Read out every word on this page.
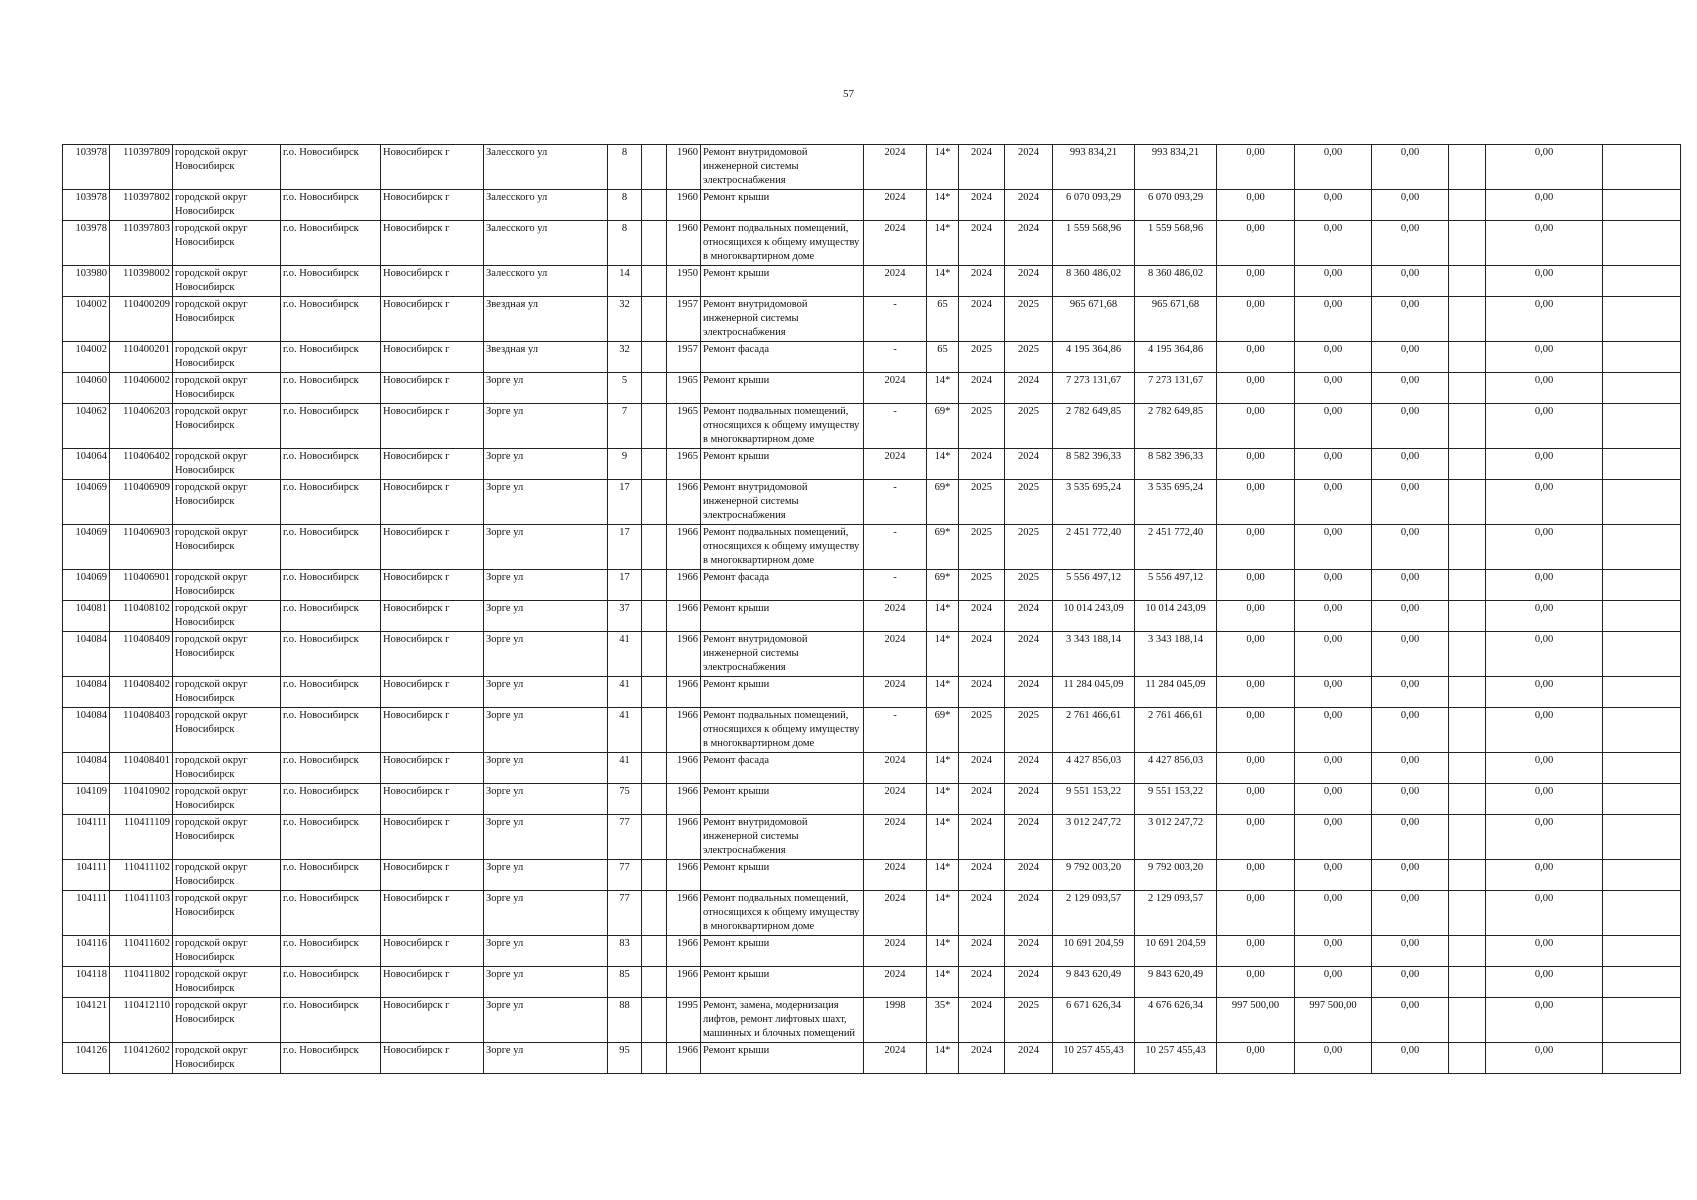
57
103978	110397809	городской округ Новосибирск	г.о. Новосибирск	Новосибирск г	Залесского ул	8		1960	Ремонт внутридомовой инженерной системы электроснабжения	2024	14*	2024	2024	993 834,21	993 834,21	0,00	0,00	0,00		0,00	
103978	110397802	городской округ Новосибирск	г.о. Новосибирск	Новосибирск г	Залесского ул	8		1960	Ремонт крыши	2024	14*	2024	2024	6 070 093,29	6 070 093,29	0,00	0,00	0,00		0,00	
103978	110397803	городской округ Новосибирск	г.о. Новосибирск	Новосибирск г	Залесского ул	8		1960	Ремонт подвальных помещений, относящихся к общему имуществу в многоквартирном доме	2024	14*	2024	2024	1 559 568,96	1 559 568,96	0,00	0,00	0,00		0,00	
103980	110398002	городской округ Новосибирск	г.о. Новосибирск	Новосибирск г	Залесского ул	14		1950	Ремонт крыши	2024	14*	2024	2024	8 360 486,02	8 360 486,02	0,00	0,00	0,00		0,00	
104002	110400209	городской округ Новосибирск	г.о. Новосибирск	Новосибирск г	Звездная ул	32		1957	Ремонт внутридомовой инженерной системы электроснабжения	-	65	2024	2025	965 671,68	965 671,68	0,00	0,00	0,00		0,00	
104002	110400201	городской округ Новосибирск	г.о. Новосибирск	Новосибирск г	Звездная ул	32		1957	Ремонт фасада	-	65	2025	2025	4 195 364,86	4 195 364,86	0,00	0,00	0,00		0,00	
104060	110406002	городской округ Новосибирск	г.о. Новосибирск	Новосибирск г	Зорге ул	5		1965	Ремонт крыши	2024	14*	2024	2024	7 273 131,67	7 273 131,67	0,00	0,00	0,00		0,00	
104062	110406203	городской округ Новосибирск	г.о. Новосибирск	Новосибирск г	Зорге ул	7		1965	Ремонт подвальных помещений, относящихся к общему имуществу в многоквартирном доме	-	69*	2025	2025	2 782 649,85	2 782 649,85	0,00	0,00	0,00		0,00	
104064	110406402	городской округ Новосибирск	г.о. Новосибирск	Новосибирск г	Зорге ул	9		1965	Ремонт крыши	2024	14*	2024	2024	8 582 396,33	8 582 396,33	0,00	0,00	0,00		0,00	
104069	110406909	городской округ Новосибирск	г.о. Новосибирск	Новосибирск г	Зорге ул	17		1966	Ремонт внутридомовой инженерной системы электроснабжения	-	69*	2025	2025	3 535 695,24	3 535 695,24	0,00	0,00	0,00		0,00	
104069	110406903	городской округ Новосибирск	г.о. Новосибирск	Новосибирск г	Зорге ул	17		1966	Ремонт подвальных помещений, относящихся к общему имуществу в многоквартирном доме	-	69*	2025	2025	2 451 772,40	2 451 772,40	0,00	0,00	0,00		0,00	
104069	110406901	городской округ Новосибирск	г.о. Новосибирск	Новосибирск г	Зорге ул	17		1966	Ремонт фасада	-	69*	2025	2025	5 556 497,12	5 556 497,12	0,00	0,00	0,00		0,00	
104081	110408102	городской округ Новосибирск	г.о. Новосибирск	Новосибирск г	Зорге ул	37		1966	Ремонт крыши	2024	14*	2024	2024	10 014 243,09	10 014 243,09	0,00	0,00	0,00		0,00	
104084	110408409	городской округ Новосибирск	г.о. Новосибирск	Новосибирск г	Зорге ул	41		1966	Ремонт внутридомовой инженерной системы электроснабжения	2024	14*	2024	2024	3 343 188,14	3 343 188,14	0,00	0,00	0,00		0,00	
104084	110408402	городской округ Новосибирск	г.о. Новосибирск	Новосибирск г	Зорге ул	41		1966	Ремонт крыши	2024	14*	2024	2024	11 284 045,09	11 284 045,09	0,00	0,00	0,00		0,00	
104084	110408403	городской округ Новосибирск	г.о. Новосибирск	Новосибирск г	Зорге ул	41		1966	Ремонт подвальных помещений, относящихся к общему имуществу в многоквартирном доме	-	69*	2025	2025	2 761 466,61	2 761 466,61	0,00	0,00	0,00		0,00	
104084	110408401	городской округ Новосибирск	г.о. Новосибирск	Новосибирск г	Зорге ул	41		1966	Ремонт фасада	2024	14*	2024	2024	4 427 856,03	4 427 856,03	0,00	0,00	0,00		0,00	
104109	110410902	городской округ Новосибирск	г.о. Новосибирск	Новосибирск г	Зорге ул	75		1966	Ремонт крыши	2024	14*	2024	2024	9 551 153,22	9 551 153,22	0,00	0,00	0,00		0,00	
104111	110411109	городской округ Новосибирск	г.о. Новосибирск	Новосибирск г	Зорге ул	77		1966	Ремонт внутридомовой инженерной системы электроснабжения	2024	14*	2024	2024	3 012 247,72	3 012 247,72	0,00	0,00	0,00		0,00	
104111	110411102	городской округ Новосибирск	г.о. Новосибирск	Новосибирск г	Зорге ул	77		1966	Ремонт крыши	2024	14*	2024	2024	9 792 003,20	9 792 003,20	0,00	0,00	0,00		0,00	
104111	110411103	городской округ Новосибирск	г.о. Новосибирск	Новосибирск г	Зорге ул	77		1966	Ремонт подвальных помещений, относящихся к общему имуществу в многоквартирном доме	2024	14*	2024	2024	2 129 093,57	2 129 093,57	0,00	0,00	0,00		0,00	
104116	110411602	городской округ Новосибирск	г.о. Новосибирск	Новосибирск г	Зорге ул	83		1966	Ремонт крыши	2024	14*	2024	2024	10 691 204,59	10 691 204,59	0,00	0,00	0,00		0,00	
104118	110411802	городской округ Новосибирск	г.о. Новосибирск	Новосибирск г	Зорге ул	85		1966	Ремонт крыши	2024	14*	2024	2024	9 843 620,49	9 843 620,49	0,00	0,00	0,00		0,00	
104121	110412110	городской округ Новосибирск	г.о. Новосибирск	Новосибирск г	Зорге ул	88		1995	Ремонт, замена, модернизация лифтов, ремонт лифтовых шахт, машинных и блочных помещений	1998	35*	2024	2025	6 671 626,34	4 676 626,34	997 500,00	997 500,00	0,00		0,00	
104126	110412602	городской округ Новосибирск	г.о. Новосибирск	Новосибирск г	Зорге ул	95		1966	Ремонт крыши	2024	14*	2024	2024	10 257 455,43	10 257 455,43	0,00	0,00	0,00		0,00	
